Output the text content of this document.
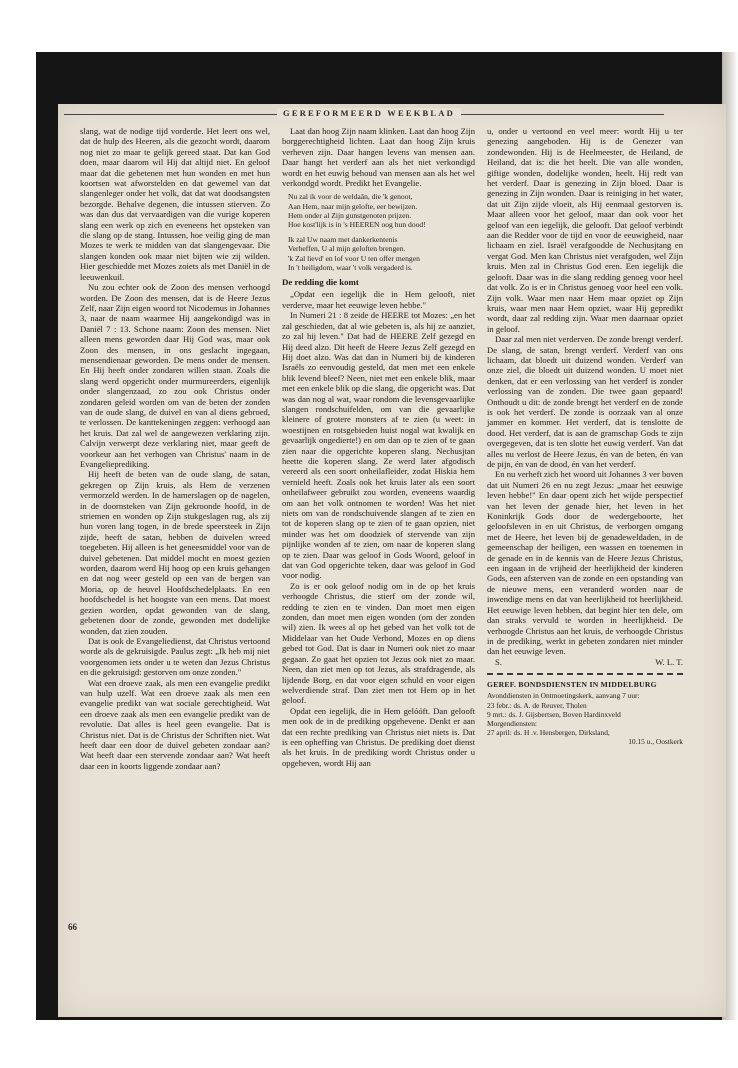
GEREFORMEERD WEEKBLAD

slang, wat de nodige tijd vorderde. Het leert ons wel, dat de hulp des Heeren, als die gezocht wordt, daarom nog niet zo maar te gelijk gereed staat. Dat kan God doen, maar daarom wil Hij dat altijd niet. En geloof maar dat die gebetenen met hun wonden en met hun koortsen wat afworstelden en dat gewemel van dat slangenleger onder het volk, dat dat wat doodsangsten bezorgde. Behalve degenen, die intussen stierven. Zo was dan dus dat vervaardigen van die vurige koperen slang een werk op zich en eveneens het opsteken van die slang op de stang. Intussen, hoe veilig ging de man Mozes te werk te midden van dat slangengevaar. Die slangen konden ook maar niet bijten wie zij wilden. Hier geschiedde met Mozes zoiets als met Daniël in de leeuwenkuil.

Nu zou echter ook de Zoon des mensen verhoogd worden. De Zoon des mensen, dat is de Heere Jezus Zelf, naar Zijn eigen woord tot Nicodemus in Johannes 3, naar de naam waarmee Hij aangekondigd was in Daniël 7 : 13. Schone naam: Zoon des mensen. Niet alleen mens geworden daar Hij God was, maar ook Zoon des mensen, in ons geslacht ingegaan, mensendienaar geworden. De mens onder de mensen. En Hij heeft onder zondaren willen staan. Zoals die slang werd opgericht onder murmureerders, eigenlijk onder slangenzaad, zo zou ook Christus onder zondaren geleid worden om van de beten der zonden van de oude slang, de duivel en van al diens gebroed, te verlossen. De kanttekeningen zeggen: verhoogd aan het kruis. Dat zal wel de aangewezen verklaring zijn. Calvijn verwerpt deze verklaring niet, maar geeft de voorkeur aan het verhogen van Christus' naam in de Evangelieprediking.

Hij heeft de beten van de oude slang, de satan, gekregen op Zijn kruis, als Hem de verzenen vermorzeld werden. In de hamerslagen op de nagelen, in de doornsteken van Zijn gekroonde hoofd, in de striemen en wonden op Zijn stukgeslagen rug, als zij hun voren lang togen, in de brede speersteek in Zijn zijde, heeft de satan, hebben de duivelen wreed toegebeten. Hij alleen is het geneesmiddel voor van de duivel gebetenen. Dat middel mocht en moest gezien worden, daarom werd Hij hoog op een kruis gehangen en dat nog weer gesteld op een van de bergen van Moria, op de heuvel Hoofdschedelplaats. En een hoofdschedel is het hoogste van een mens. Dat moest gezien worden, opdat gewonden van de slang, gebetenen door de zonde, gewonden met dodelijke wonden, dat zien zouden.

Dat is ook de Evangeliedienst, dat Christus vertoond worde als de gekruisigde. Paulus zegt: „Ik heb mij niet voorgenomen iets onder u te weten dan Jezus Christus en die gekruisigd: gestorven om onze zonden."

Wat een droeve zaak, als men een evangelie predikt van hulp uzelf. Wat een droeve zaak als men een evangelie predikt van wat sociale gerechtigheid. Wat een droeve zaak als men een evangelie predikt van de revolutie. Dat alles is heel geen evangelie. Dat is Christus niet. Dat is de Christus der Schriften niet. Wat heeft daar een door de duivel gebeten zondaar aan? Wat heeft daar een stervende zondaar aan? Wat heeft daar een in koorts liggende zondaar aan?

Laat dan hoog Zijn naam klinken. Laat dan hoog Zijn borggerechtigheid lichten. Laat dan hoog Zijn kruis verheven zijn. Daar hangen levens van mensen aan. Daar hangt het verderf aan als het niet verkondigd wordt en het euwig behoud van mensen aan als het wel verkondgd wordt. Predikt het Evangelie.

Nu zal ik voor de weldaân, die 'k genoot,
Aan Hem, naar mijn gelofte, eer bewijzen.
Hem onder al Zijn gunstgenoten prijzen.
Hoe kost'lijk is in 's HEEREN oog hun dood!
Ik zal Uw naam met dankerkentenis
Verheffen, U al mijn geloften brengen.
'k Zal lievd' en lof voor U ten offer mengen
In 't heiligdom, waar 't volk vergaderd is.
De redding die komt

„Opdat een iegelijk die in Hem gelooft, niet verderve, maar het eeuwige leven hebbe."

In Numeri 21 : 8 zeide de HEERE tot Mozes: „en het zal geschieden, dat al wie gebeten is, als hij ze aanziet, zo zal hij leven." Dat had de HEERE Zelf gezegd en Hij deed alzo. Dit heeft de Heere Jezus Zelf gezegd en Hij doet alzo. Was dat dan in Numeri bij de kinderen Israëls zo eenvoudig gesteld, dat men met een enkele blik levend bleef? Neen, niet met een enkele blik, maar met een enkele blik op die slang, die opgericht was. Dat was dan nog al wat, waar rondom die levensgevaarlijke slangen rondschuifelden, om van die gevaarlijke kleinere of grotere monsters af te zien (u weet: in woestijnen en rotsgebieden huist nogal wat kwalijk en gevaarlijk ongedierte!) en om dan op te zien of te gaan zien naar die opgerichte koperen slang. Nechusjtan heette die koperen slang. Ze werd later afgodisch vereerd als een soort onheilafleider, zodat Hiskia hem vernield heeft. Zoals ook het kruis later als een soort onheilafweer gebruikt zou worden, eveneens waardig om aan het volk ontnomen te worden! Was het niet niets om van de rondschuivende slangen af te zien en tot de koperen slang op te zien of te gaan opzien, niet minder was het om doodziek of stervende van zijn pijnlijke wonden af te zien, om naar de koperen slang op te zien. Daar was geloof in Gods Woord, geloof in dat van God opgerichte teken, daar was geloof in God voor nodig.

Zo is er ook geloof nodig om in de op het kruis verhoogde Christus, die stierf om der zonde wil, redding te zien en te vinden. Dan moet men eigen zonden, dan moet men eigen wonden (om der zonden wil) zien. Ik wees al op het gebed van het volk tot de Middelaar van het Oude Verbond, Mozes en op diens gebed tot God. Dat is daar in Numeri ook niet zo maar gegaan. Zo gaat het opzien tot Jezus ook niet zo maar. Neen, dan ziet men op tot Jezus, als strafdragende, als lijdende Borg, en dat voor eigen schuld en voor eigen welverdiende straf. Dan ziet men tot Hem op in het geloof.

Opdat een iegelijk, die in Hem gelóóft. Dan gelooft men ook de in de prediking opgehevene. Denkt er aan dat een rechte prediking van Christus niet niets is. Dat is een opheffing van Christus. De prediking doet dienst als het kruis. In de prediking wordt Christus onder u opgeheven, wordt Hij aan

u, onder u vertoond en veel meer: wordt Hij u ter genezing aangeboden. Hij is de Genezer van zondewonden. Hij is de Heelmeester, de Heiland, de Heiland, dat is: die het heelt. Die van alle wonden, giftige wonden, dodelijke wonden, heelt. Hij redt van het verderf. Daar is genezing in Zijn bloed. Daar is genezing in Zijn wonden. Daar is reiniging in het water, dat uit Zijn zijde vloeit, als Hij eenmaal gestorven is. Maar alleen voor het geloof, maar dan ook voor het geloof van een iegelijk, die gelooft. Dat geloof verbindt aan die Redder voor de tijd en voor de eeuwigheid, naar lichaam en ziel. Israël verafgoodde de Nechusjtang en vergat God. Men kan Christus niet verafgoden, wel Zijn kruis. Men zal in Christus God eren. Een iegelijk die gelooft. Daar was in die slang redding genoeg voor heel dat volk. Zo is er in Christus genoeg voor heel een volk. Zijn volk. Waar men naar Hem maar opziet op Zijn kruis, waar men naar Hem opziet, waar Hij gepredikt wordt, daar zal redding zijn. Waar men daarnaar opziet in geloof.

Daar zal men niet verderven. De zonde brengt verderf. De slang, de satan, brengt verderf. Verderf van ons lichaam, dat bloedt uit duizend wonden. Verderf van onze ziel, die bloedt uit duizend wonden. U moet niet denken, dat er een verlossing van het verderf is zonder verlossing van de zonden. Die twee gaan gepaard! Onthoudt u dit: de zonde brengt het verderf en de zonde is ook het verderf. De zonde is oorzaak van al onze jammer en kommer. Het verderf, dat is tenslotte de dood. Het verderf, dat is aan de gramschap Gods te zijn overgegeven, dat is ten slotte het euwig verderf. Van dat alles nu verlost de Heere Jezus, én van de beten, én van de pijn, én van de dood, én van het verderf.

En nu verheft zich het woord uit Johannes 3 ver boven dat uit Numeri 26 en nu zegt Jezus: „maar het eeuwige leven hebbe!" En daar opent zich het wijde perspectief van het leven der genade hier, het leven in het Koninkrijk Gods door de wedergeboorte, het geloofsleven in en uit Christus, de verborgen omgang met de Heere, het leven bij de genadeweldaden, in de gemeenschap der heiligen, een wassen en toenemen in de genade en in de kennis van de Heere Jezus Christus, een ingaan in de vrijheid der heerlijkheid der kinderen Gods, een afsterven van de zonde en een opstanding van de nieuwe mens, een veranderd worden naar de inwendige mens en dat van heerlijkheid tot heerlijkheid. Het eeuwige leven hebben, dat begint hier ten dele, om dan straks vervuld te worden in heerlijkheid. De verhoogde Christus aan het kruis, de verhoogde Christus in de prediking, werkt in gebeten zondaren niet minder dan het eeuwige leven.

S.	W. L. T.

GEREF. BONDSDIENSTEN IN MIDDELBURG
Avonddiensten in Ontmoetingskerk, aanvang 7 uur:
23 febr.: ds. A. de Reuver, Tholen
9 mrt.: ds. J. Gijsbertsen, Boven Hardinxveld
Morgendiensten:
27 april: ds. H .v. Hensbergen, Dirksland,
10.15 u., Oostkerk
66
